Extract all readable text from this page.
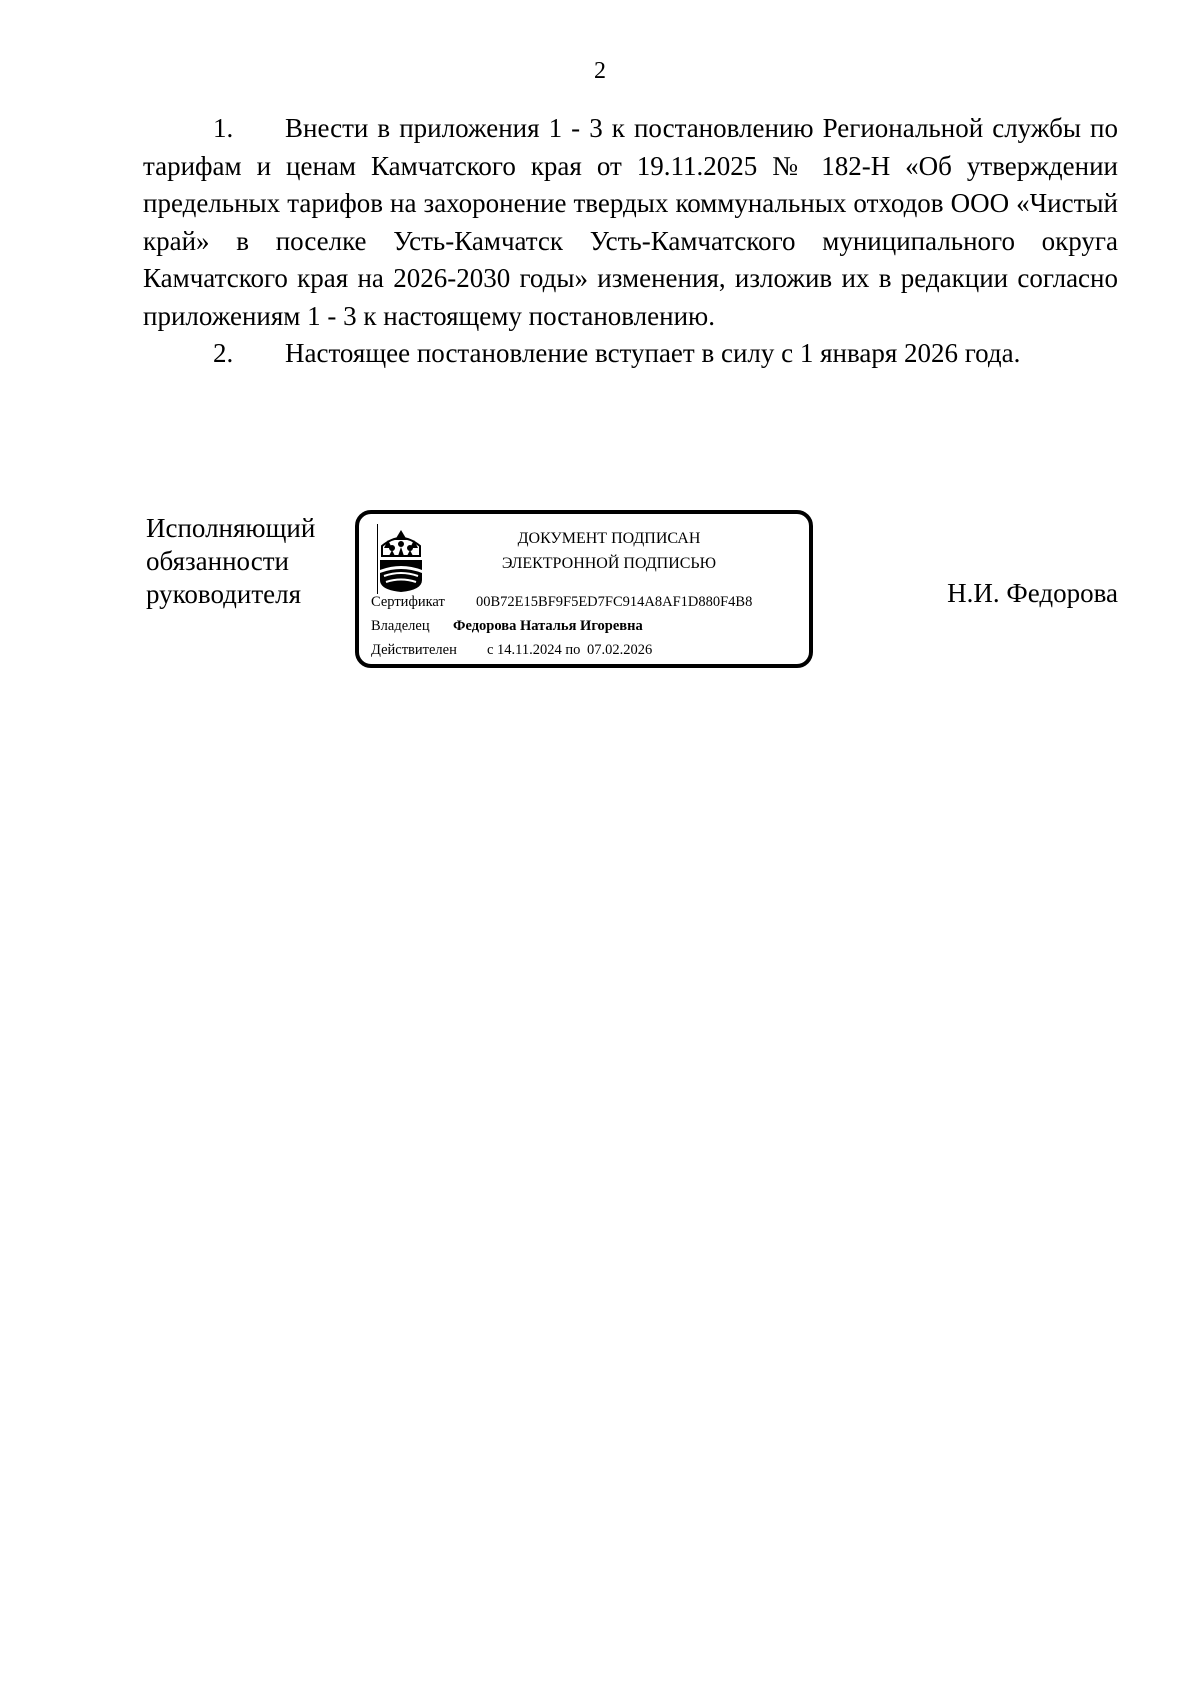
2

1. Внести в приложения 1 - 3 к постановлению Региональной службы по тарифам и ценам Камчатского края от 19.11.2025 № 182-Н «Об утверждении предельных тарифов на захоронение твердых коммунальных отходов ООО «Чистый край» в поселке Усть-Камчатск Усть-Камчатского муниципального округа Камчатского края на 2026-2030 годы» изменения, изложив их в редакции согласно приложениям 1 - 3 к настоящему постановлению.

2. Настоящее постановление вступает в силу с 1 января 2026 года.

Исполняющий
обязанности
руководителя
ДОКУМЕНТ ПОДПИСАН
ЭЛЕКТРОННОЙ ПОДПИСЬЮ
Сертификат 00B72E15BF9F5ED7FC914A8AF1D880F4B8
Владелец Федорова Наталья Игоревна
Действителен с 14.11.2024 по 07.02.2026
Н.И. Федорова
